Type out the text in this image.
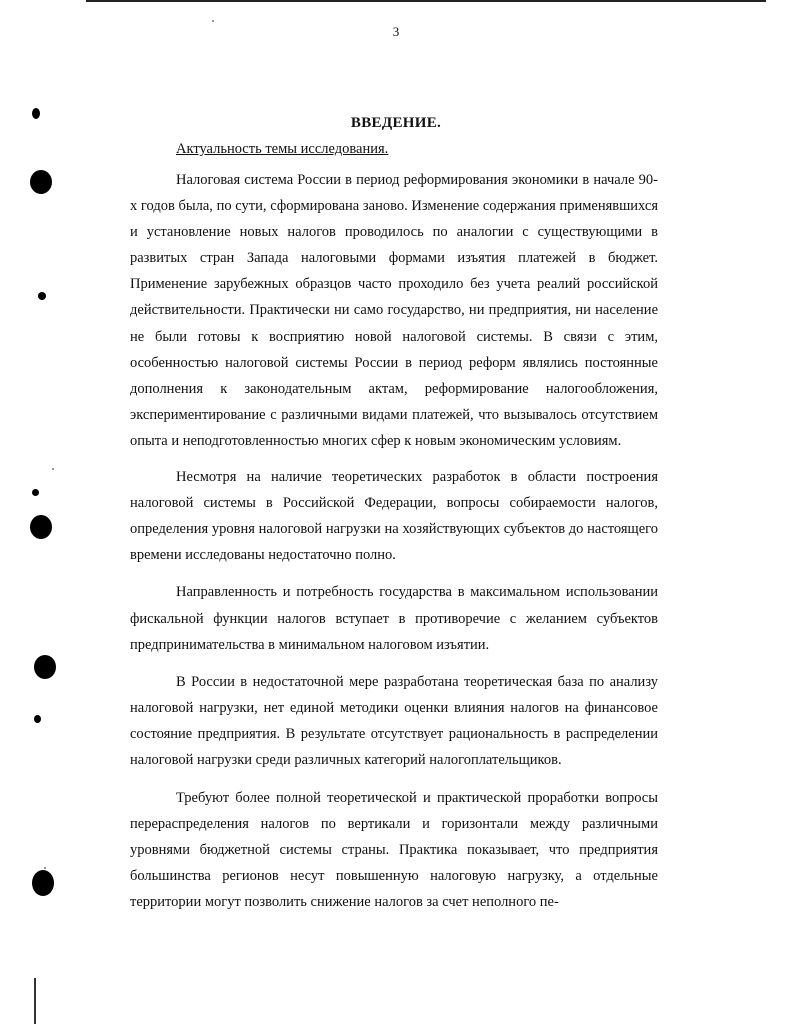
3
ВВЕДЕНИЕ.
Актуальность темы исследования.

Налоговая система России в период реформирования экономики в начале 90-х годов была, по сути, сформирована заново. Изменение содержания применявшихся и установление новых налогов проводилось по аналогии с существующими в развитых стран Запада налоговыми формами изъятия платежей в бюджет. Применение зарубежных образцов часто проходило без учета реалий российской действительности. Практически ни само государство, ни предприятия, ни население не были готовы к восприятию новой налоговой системы. В связи с этим, особенностью налоговой системы России в период реформ являлись постоянные дополнения к законодательным актам, реформирование налогообложения, экспериментирование с различными видами платежей, что вызывалось отсутствием опыта и неподготовленностью многих сфер к новым экономическим условиям.

Несмотря на наличие теоретических разработок в области построения налоговой системы в Российской Федерации, вопросы собираемости налогов, определения уровня налоговой нагрузки на хозяйствующих субъектов до настоящего времени исследованы недостаточно полно.

Направленность и потребность государства в максимальном использовании фискальной функции налогов вступает в противоречие с желанием субъектов предпринимательства в минимальном налоговом изъятии.

В России в недостаточной мере разработана теоретическая база по анализу налоговой нагрузки, нет единой методики оценки влияния налогов на финансовое состояние предприятия. В результате отсутствует рациональность в распределении налоговой нагрузки среди различных категорий налогоплательщиков.

Требуют более полной теоретической и практической проработки вопросы перераспределения налогов по вертикали и горизонтали между различными уровнями бюджетной системы страны. Практика показывает, что предприятия большинства регионов несут повышенную налоговую нагрузку, а отдельные территории могут позволить снижение налогов за счет неполного пе-
